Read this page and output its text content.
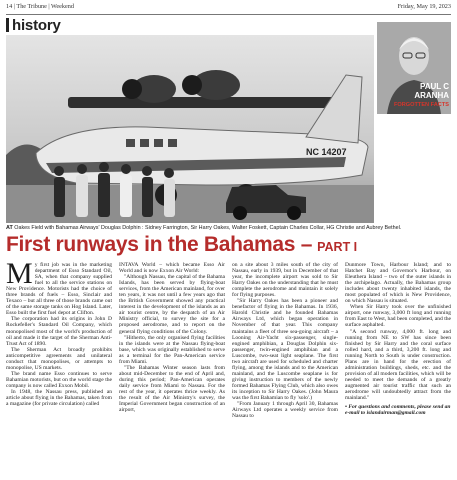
14 | The Tribune | Weekend	Friday, May 19, 2023
history
NC 14207
PAUL C
ARANHA
FORGOTTEN FACTS
AT Oakes Field with Bahamas Airways' Douglas Dolphin : Sidney Farrington, Sir Harry Oakes, Walter Foskett, Captain Charles Collar, HG Christie and Aubrey Bethel.
First runways in the Bahamas – PART I

My first job was in the marketing department of Esso Standard Oil, SA, when that company supplied fuel to all the service stations on New Providence. Motorists had the choice of three brands of fuels – Esso, Sinclair and Texaco – but all three of those brands came out of the same storage tanks on Hog Island. Later, Esso built the first fuel depot at Clifton.

The corporation had its origins in John D Rockefeller's Standard Oil Company, which monopolised most of the world's production of oil and made it the target of the Sherman Anti-Trust Act of 1890.

The Sherman Act broadly prohibits anticompetitive agreements and unilateral conduct that monopolises, or attempts to monopolise, US markets.

The brand name Esso continues to serve Bahamian motorists, but on the world stage the company is now called Exxon Mobil.

In 1948, the Nassau press, published an article about flying in the Bahamas, taken from a magazine (for private circulation) called

INTAVA World – which became Esso Air World and is now Exxon Air World:

"Although Nassau, the capital of the Bahama Islands, has been served by flying-boat services, from the American mainland, for over ten years, it was not until a few years ago that the British Government showed any practical interest in the development of the islands as an air tourist centre, by the despatch of an Air Ministry official, to survey the site for a proposed aerodrome, and to report on the general flying conditions of the Colony.

"Hitherto, the only organised flying facilities in the islands were at the Nassau flying-boat base, which was originally established to serve as a terminal for the Pan-American service from Miami.

"The Bahamas Winter season lasts from about mid-December to the end of April and, during this period; Pan-American operates daily service from Miami to Nassau. For the rest of the year, it operates thrice weekly. As the result of the Air Ministry's survey, the Imperial Government began construction of an airport,

on a site about 3 miles south of the city of Nassau, early in 1939, but in December of that year, the incomplete airport was sold to Sir Harry Oakes on the understanding that he must complete the aerodrome and maintain it solely for flying purposes.

"Sir Harry Oakes has been a pioneer and benefactor of flying in the Bahamas. In 1936, Harold Christie and he founded Bahamas Airways Ltd, which began operation in November of that year. This company maintains a fleet of three sea-going aircraft – a Looning Air-Yacht six-passenger, single-engined amphibian, a Douglas Dolphin six-passenger, twin-engined amphibian and a Luscombe, two-seat light seaplane. The first two aircraft are used for scheduled and charter flying, among the islands and to the American mainland, and the Luscombe seaplane is for giving instruction to members of the newly formed Bahamas Flying Club, which also owes its inception to Sir Harry Oakes. (John Maura was the first Bahamian to fly 'solo'.)

"From January 1 through April 30, Bahamas Airways Ltd operates a weekly service from Nassau to

Dunmore Town, Harbour Island; and to Hatchet Bay and Governor's Harbour, on Eleuthera Island – two of the outer islands in the archipelago. Actually, the Bahamas group includes about twenty inhabited islands, the most populated of which is New Providence, on which Nassau is situated.

When Sir Harry took over the unfinished airport, one runway, 3,000 ft long and running from East to West, had been completed, and the surface asphalted.

"A second runway, 4,000 ft. long and running from NE to SW has since been finished by Sir Harry and the coral surface rolled hard, and a third, 3,200 ft. long and running North to South is under construction. Plans are in hand for the erection of administration buildings, sheds, etc. and the provision of all modern facilities, which will be needed to meet the demands of a greatly augmented air tourist traffic that such an aerodrome will undoubtedly attract from the mainland."

• For questions and comments, please send an e-mail to islandairman@gmail.com
